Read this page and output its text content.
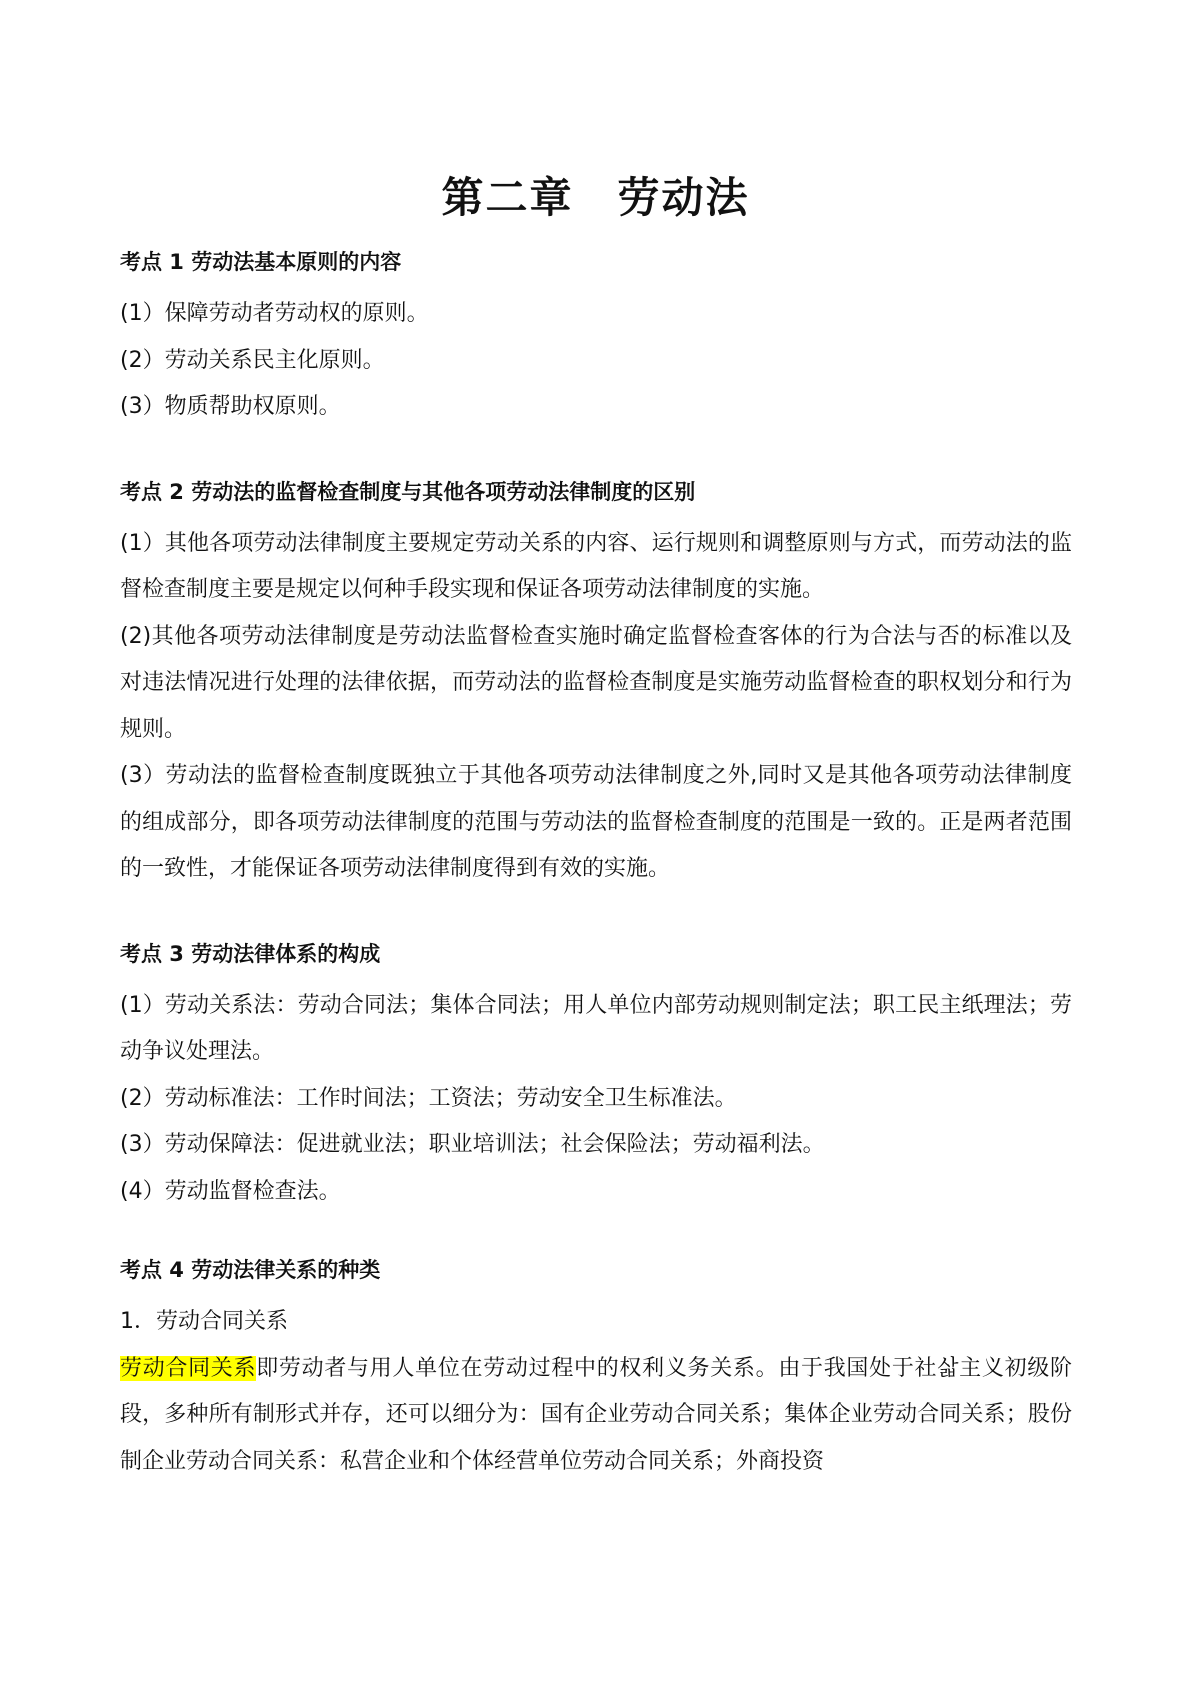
第二章　劳动法

考点 1 劳动法基本原则的内容

(1）保障劳动者劳动权的原则。

(2）劳动关系民主化原则。

(3）物质帮助权原则。

考点 2 劳动法的监督检查制度与其他各项劳动法律制度的区别

(1）其他各项劳动法律制度主要规定劳动关系的内容、运行规则和调整原则与方式，而劳动法的监督检查制度主要是规定以何种手段实现和保证各项劳动法律制度的实施。

(2)其他各项劳动法律制度是劳动法监督检查实施时确定监督检查客体的行为合法与否的标准以及对违法情况进行处理的法律依据，而劳动法的监督检查制度是实施劳动监督检查的职权划分和行为规则。

(3）劳动法的监督检查制度既独立于其他各项劳动法律制度之外,同时又是其他各项劳动法律制度的组成部分，即各项劳动法律制度的范围与劳动法的监督检查制度的范围是一致的。正是两者范围的一致性，才能保证各项劳动法律制度得到有效的实施。

考点 3 劳动法律体系的构成

(1）劳动关系法：劳动合同法；集体合同法；用人单位内部劳动规则制定法；职工民主纸理法；劳动争议处理法。

(2）劳动标准法：工作时间法；工资法；劳动安全卫生标准法。

(3）劳动保障法：促进就业法；职业培训法；社会保险法；劳动福利法。

(4）劳动监督检查法。

考点 4 劳动法律关系的种类

1．劳动合同关系

劳动合同关系即劳动者与用人单位在劳动过程中的权利义务关系。由于我国处于社삷主义初级阶段，多种所有制形式并存，还可以细分为：国有企业劳动合同关系；集体企业劳动合同关系；股份制企业劳动合同关系：私营企业和个体经营单位劳动合同关系；外商投资
